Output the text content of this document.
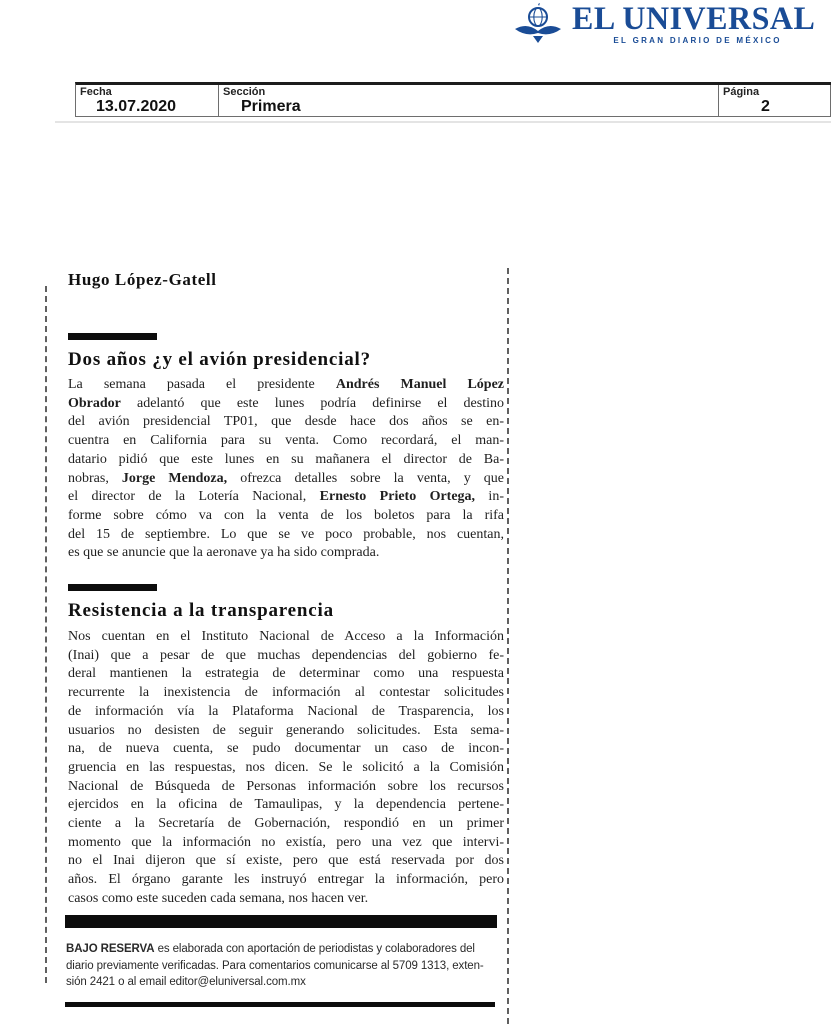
EL UNIVERSAL
EL GRAN DIARIO DE MÉXICO
Fecha
13.07.2020
Sección
Primera
Página
2
Hugo López-Gatell
Dos años ¿y el avión presidencial?
La semana pasada el presidente Andrés Manuel López
Obrador adelantó que este lunes podría definirse el destino
del avión presidencial TP01, que desde hace dos años se en-
cuentra en California para su venta. Como recordará, el man-
datario pidió que este lunes en su mañanera el director de Ba-
nobras, Jorge Mendoza, ofrezca detalles sobre la venta, y que
el director de la Lotería Nacional, Ernesto Prieto Ortega, in-
forme sobre cómo va con la venta de los boletos para la rifa
del 15 de septiembre. Lo que se ve poco probable, nos cuentan,
es que se anuncie que la aeronave ya ha sido comprada.
Resistencia a la transparencia
Nos cuentan en el Instituto Nacional de Acceso a la Información
(Inai) que a pesar de que muchas dependencias del gobierno fe-
deral mantienen la estrategia de determinar como una respuesta
recurrente la inexistencia de información al contestar solicitudes
de información vía la Plataforma Nacional de Trasparencia, los
usuarios no desisten de seguir generando solicitudes. Esta sema-
na, de nueva cuenta, se pudo documentar un caso de incon-
gruencia en las respuestas, nos dicen. Se le solicitó a la Comisión
Nacional de Búsqueda de Personas información sobre los recursos
ejercidos en la oficina de Tamaulipas, y la dependencia pertene-
ciente a la Secretaría de Gobernación, respondió en un primer
momento que la información no existía, pero una vez que intervi-
no el Inai dijeron que sí existe, pero que está reservada por dos
años. El órgano garante les instruyó entregar la información, pero
casos como este suceden cada semana, nos hacen ver.
BAJO RESERVA es elaborada con aportación de periodistas y colaboradores del
diario previamente verificadas. Para comentarios comunicarse al 5709 1313, exten-
sión 2421 o al email editor@eluniversal.com.mx
